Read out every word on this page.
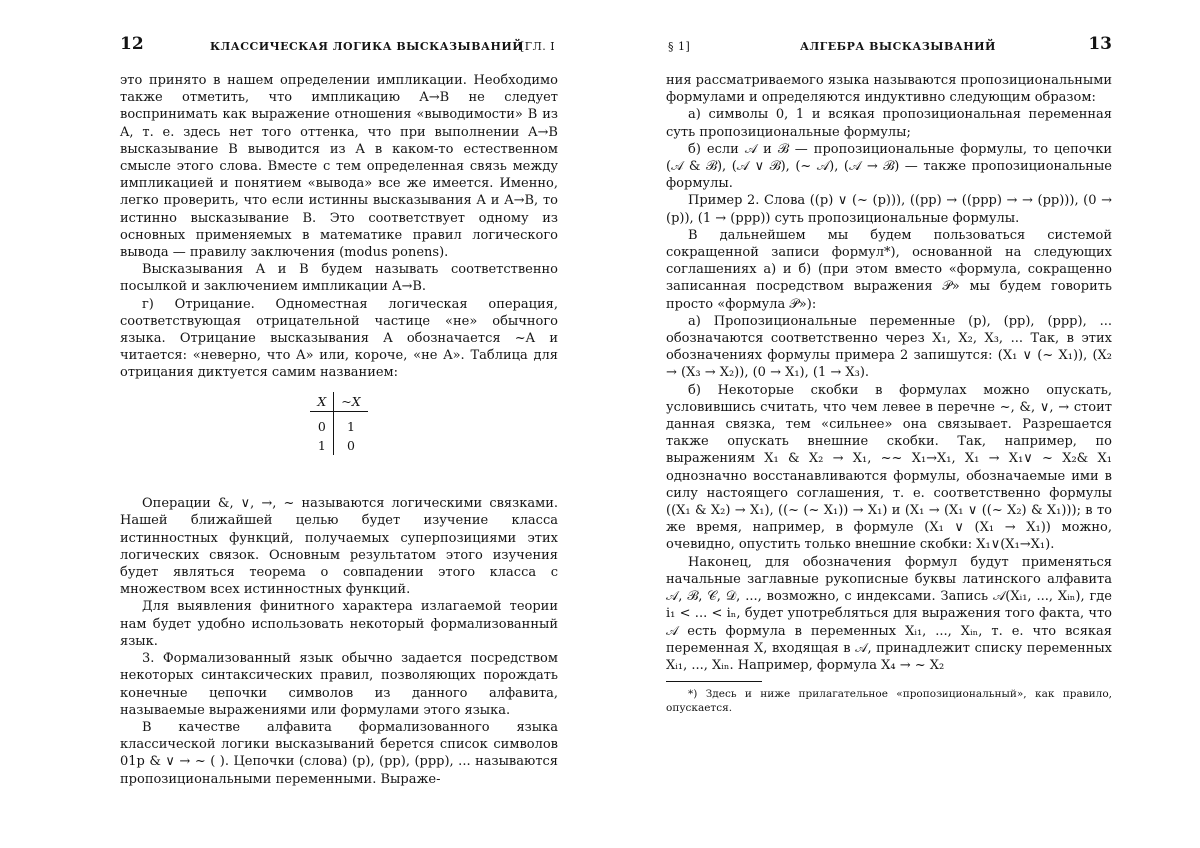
12	КЛАССИЧЕСКАЯ ЛОГИКА ВЫСКАЗЫВАНИЙ
[ГЛ. I

это принято в нашем определении импликации. Необходимо также отметить, что импликацию A→B не следует воспринимать как выражение отношения «выводимости» B из A, т. е. здесь нет того оттенка, что при выполнении A→B высказывание B выводится из A в каком-то естественном смысле этого слова. Вместе с тем определенная связь между импликацией и понятием «вывода» все же имеется. Именно, легко проверить, что если истинны высказывания A и A→B, то истинно высказывание B. Это соответствует одному из основных применяемых в математике правил логического вывода — правилу заключения (modus ponens).

Высказывания A и B будем называть соответственно посылкой и заключением импликации A→B.

г) Отрицание. Одноместная логическая операция, соответствующая отрицательной частице «не» обычного языка. Отрицание высказывания A обозначается ~A и читается: «неверно, что A» или, короче, «не A». Таблица для отрицания диктуется самим названием:

X	~X
0	1
1	0

Операции &, ∨, →, ~ называются логическими связками. Нашей ближайшей целью будет изучение класса истинностных функций, получаемых суперпозициями этих логических связок. Основным результатом этого изучения будет являться теорема о совпадении этого класса с множеством всех истинностных функций.

Для выявления финитного характера излагаемой теории нам будет удобно использовать некоторый формализованный язык.

3. Формализованный язык обычно задается посредством некоторых синтаксических правил, позволяющих порождать конечные цепочки символов из данного алфавита, называемые выражениями или формулами этого языка.

В качестве алфавита формализованного языка классической логики высказываний берется список символов 01p & ∨ → ~ ( ). Цепочки (слова) (p), (pp), (ppp), ... называются пропозициональными переменными. Выраже-

§ 1]	АЛГЕБРА ВЫСКАЗЫВАНИЙ	13

ния рассматриваемого языка называются пропозициональными формулами и определяются индуктивно следующим образом:

а) символы 0, 1 и всякая пропозициональная переменная суть пропозициональные формулы;

б) если 𝒜 и ℬ — пропозициональные формулы, то цепочки (𝒜 & ℬ), (𝒜 ∨ ℬ), (~ 𝒜), (𝒜 → ℬ) — также пропозициональные формулы.

Пример 2. Слова ((p) ∨ (~ (p))), ((pp) → ((ppp) → → (pp))), (0 → (p)), (1 → (ppp)) суть пропозициональные формулы.

В дальнейшем мы будем пользоваться системой сокращенной записи формул*), основанной на следующих соглашениях а) и б) (при этом вместо «формула, сокращенно записанная посредством выражения 𝒫» мы будем говорить просто «формула 𝒫»):

а) Пропозициональные переменные (p), (pp), (ppp), ... обозначаются соответственно через X₁, X₂, X₃, ... Так, в этих обозначениях формулы примера 2 запишутся: (X₁ ∨ (~ X₁)), (X₂ → (X₃ → X₂)), (0 → X₁), (1 → X₃).

б) Некоторые скобки в формулах можно опускать, условившись считать, что чем левее в перечне ~, &, ∨, → стоит данная связка, тем «сильнее» она связывает. Разрешается также опускать внешние скобки. Так, например, по выражениям X₁ & X₂ → X₁, ~~ X₁→X₁, X₁ → X₁∨ ~ X₂& X₁ однозначно восстанавливаются формулы, обозначаемые ими в силу настоящего соглашения, т. е. соответственно формулы ((X₁ & X₂) → X₁), ((~ (~ X₁)) → X₁) и (X₁ → (X₁ ∨ ((~ X₂) & X₁))); в то же время, например, в формуле (X₁ ∨ (X₁ → X₁)) можно, очевидно, опустить только внешние скобки: X₁∨(X₁→X₁).

Наконец, для обозначения формул будут применяться начальные заглавные рукописные буквы латинского алфавита 𝒜, ℬ, 𝒞, 𝒟, ..., возможно, с индексами. Запись 𝒜(Xᵢ₁, ..., Xᵢₙ), где i₁ < ... < iₙ, будет употребляться для выражения того факта, что 𝒜 есть формула в переменных Xᵢ₁, ..., Xᵢₙ, т. е. что всякая переменная X, входящая в 𝒜, принадлежит списку переменных Xᵢ₁, ..., Xᵢₙ. Например, формула X₄ → ~ X₂

*) Здесь и ниже прилагательное «пропозициональный», как правило, опускается.
